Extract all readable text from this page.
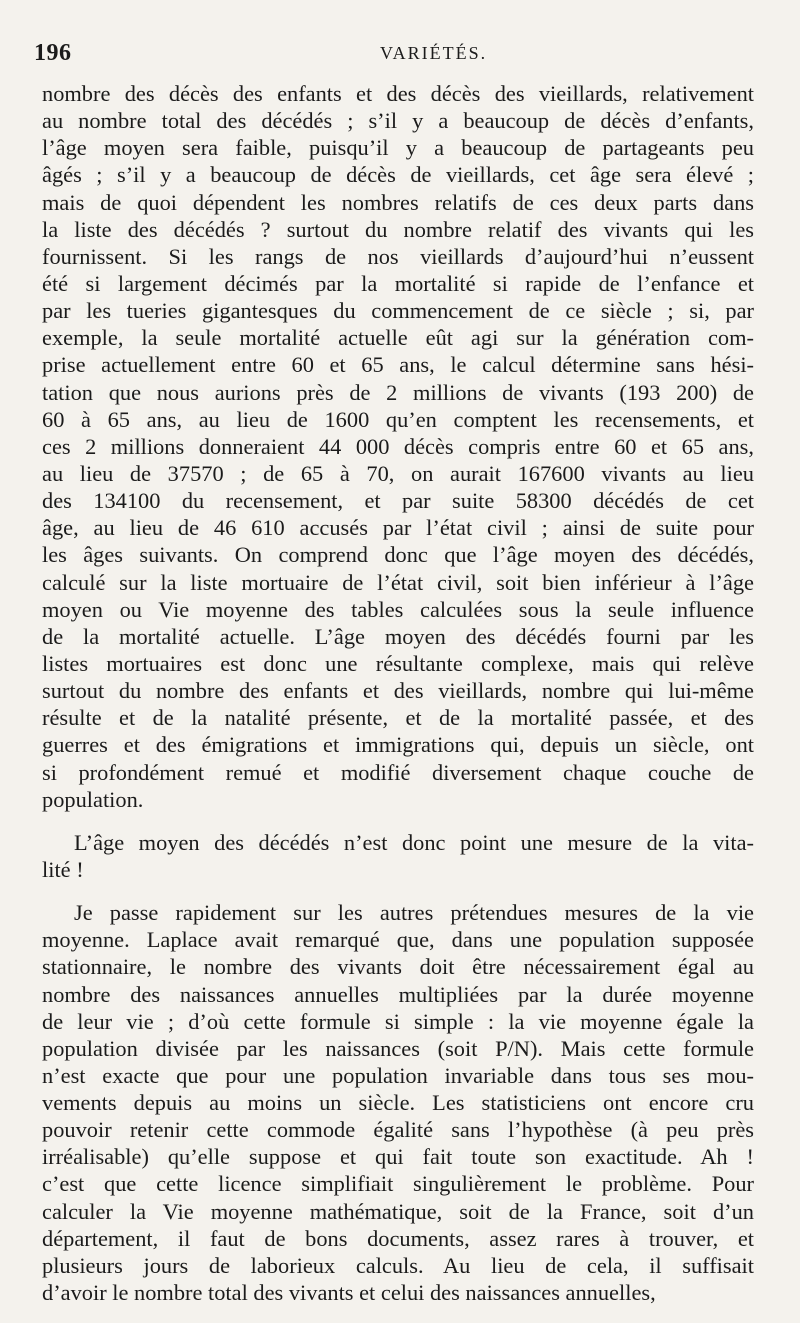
196	VARIÉTÉS.
nombre des décès des enfants et des décès des vieillards, relativement
au nombre total des décédés ; s’il y a beaucoup de décès d’enfants,
l’âge moyen sera faible, puisqu’il y a beaucoup de partageants peu
âgés ; s’il y a beaucoup de décès de vieillards, cet âge sera élevé ;
mais de quoi dépendent les nombres relatifs de ces deux parts dans
la liste des décédés ? surtout du nombre relatif des vivants qui les
fournissent. Si les rangs de nos vieillards d’aujourd’hui n’eussent
été si largement décimés par la mortalité si rapide de l’enfance et
par les tueries gigantesques du commencement de ce siècle ; si, par
exemple, la seule mortalité actuelle eût agi sur la génération com-
prise actuellement entre 60 et 65 ans, le calcul détermine sans hési-
tation que nous aurions près de 2 millions de vivants (193 200) de
60 à 65 ans, au lieu de 1600 qu’en comptent les recensements, et
ces 2 millions donneraient 44 000 décès compris entre 60 et 65 ans,
au lieu de 37570 ; de 65 à 70, on aurait 167600 vivants au lieu
des 134100 du recensement, et par suite 58300 décédés de cet
âge, au lieu de 46 610 accusés par l’état civil ; ainsi de suite pour
les âges suivants. On comprend donc que l’âge moyen des décédés,
calculé sur la liste mortuaire de l’état civil, soit bien inférieur à l’âge
moyen ou Vie moyenne des tables calculées sous la seule influence
de la mortalité actuelle. L’âge moyen des décédés fourni par les
listes mortuaires est donc une résultante complexe, mais qui relève
surtout du nombre des enfants et des vieillards, nombre qui lui-même
résulte et de la natalité présente, et de la mortalité passée, et des
guerres et des émigrations et immigrations qui, depuis un siècle, ont
si profondément remué et modifié diversement chaque couche de
population.
L’âge moyen des décédés n’est donc point une mesure de la vita-
lité !
Je passe rapidement sur les autres prétendues mesures de la vie
moyenne. Laplace avait remarqué que, dans une population supposée
stationnaire, le nombre des vivants doit être nécessairement égal au
nombre des naissances annuelles multipliées par la durée moyenne
de leur vie ; d’où cette formule si simple : la vie moyenne égale la
population divisée par les naissances (soit P/N). Mais cette formule
n’est exacte que pour une population invariable dans tous ses mou-
vements depuis au moins un siècle. Les statisticiens ont encore cru
pouvoir retenir cette commode égalité sans l’hypothèse (à peu près
irréalisable) qu’elle suppose et qui fait toute son exactitude. Ah !
c’est que cette licence simplifiait singulièrement le problème. Pour
calculer la Vie moyenne mathématique, soit de la France, soit d’un
département, il faut de bons documents, assez rares à trouver, et
plusieurs jours de laborieux calculs. Au lieu de cela, il suffisait
d’avoir le nombre total des vivants et celui des naissances annuelles,
